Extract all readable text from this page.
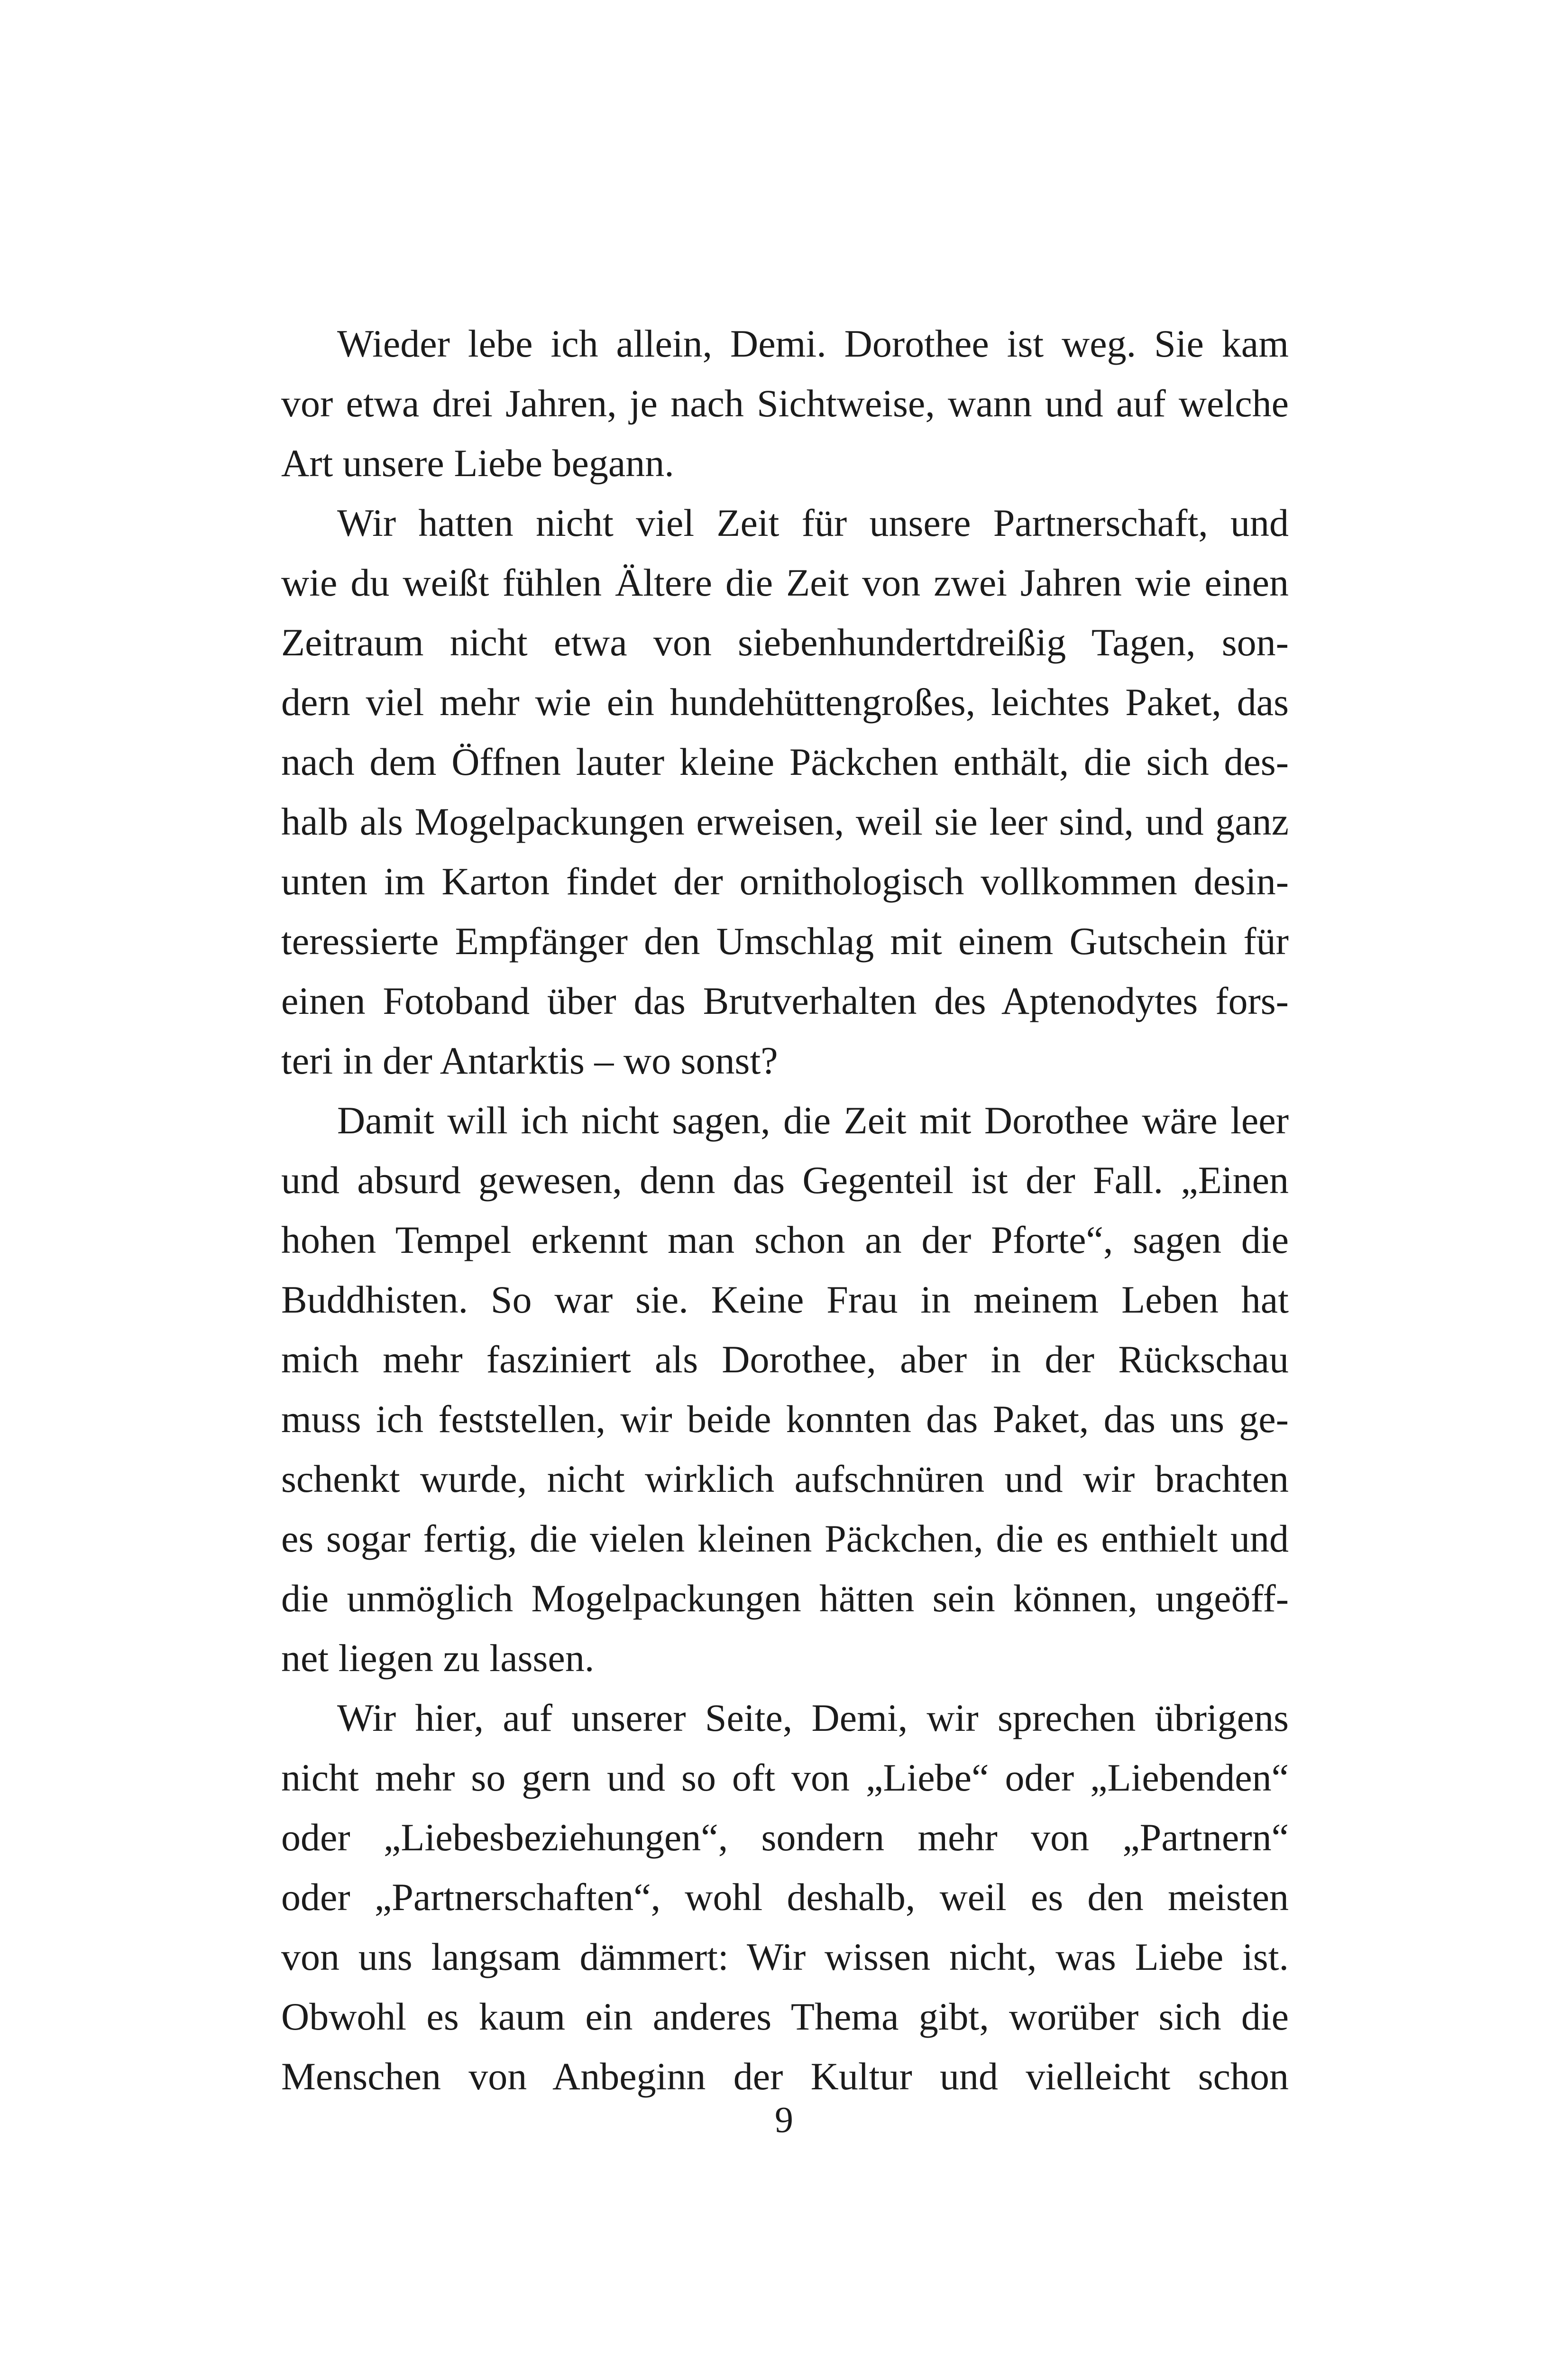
Wieder lebe ich allein, Demi. Dorothee ist weg. Sie kam
vor etwa drei Jahren, je nach Sichtweise, wann und auf welche
Art unsere Liebe begann.
Wir hatten nicht viel Zeit für unsere Partnerschaft, und
wie du weißt fühlen Ältere die Zeit von zwei Jahren wie einen
Zeitraum nicht etwa von siebenhundertdreißig Tagen, son-
dern viel mehr wie ein hundehüttengroßes, leichtes Paket, das
nach dem Öffnen lauter kleine Päckchen enthält, die sich des-
halb als Mogelpackungen erweisen, weil sie leer sind, und ganz
unten im Karton findet der ornithologisch vollkommen desin-
teressierte Empfänger den Umschlag mit einem Gutschein für
einen Fotoband über das Brutverhalten des Aptenodytes fors-
teri in der Antarktis – wo sonst?
Damit will ich nicht sagen, die Zeit mit Dorothee wäre leer
und absurd gewesen, denn das Gegenteil ist der Fall. „Einen
hohen Tempel erkennt man schon an der Pforte“, sagen die
Buddhisten. So war sie. Keine Frau in meinem Leben hat
mich mehr fasziniert als Dorothee, aber in der Rückschau
muss ich feststellen, wir beide konnten das Paket, das uns ge-
schenkt wurde, nicht wirklich aufschnüren und wir brachten
es sogar fertig, die vielen kleinen Päckchen, die es enthielt und
die unmöglich Mogelpackungen hätten sein können, ungeöff-
net liegen zu lassen.
Wir hier, auf unserer Seite, Demi, wir sprechen übrigens
nicht mehr so gern und so oft von „Liebe“ oder „Liebenden“
oder „Liebesbeziehungen“, sondern mehr von „Partnern“
oder „Partnerschaften“, wohl deshalb, weil es den meisten
von uns langsam dämmert: Wir wissen nicht, was Liebe ist.
Obwohl es kaum ein anderes Thema gibt, worüber sich die
Menschen von Anbeginn der Kultur und vielleicht schon
9
